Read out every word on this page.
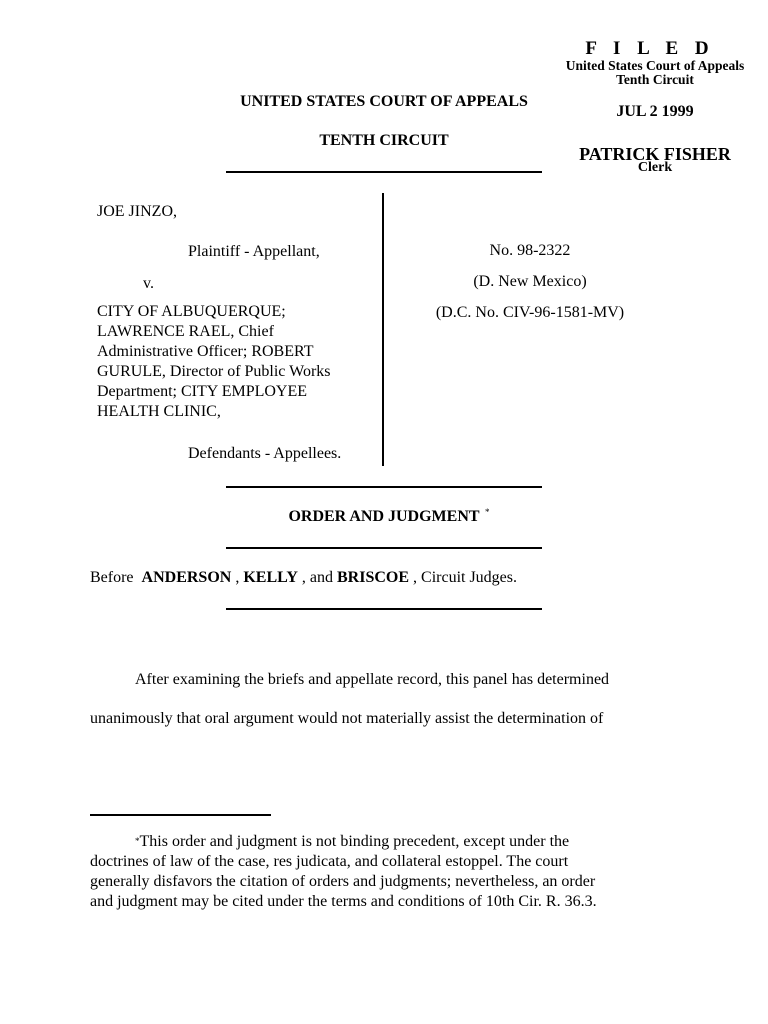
F I L E D
United States Court of Appeals
Tenth Circuit
JUL 2 1999
PATRICK FISHER
Clerk
UNITED STATES COURT OF APPEALS
TENTH CIRCUIT
JOE JINZO,
Plaintiff - Appellant,
v.
CITY OF ALBUQUERQUE;
LAWRENCE RAEL, Chief
Administrative Officer; ROBERT
GURULE, Director of Public Works
Department; CITY EMPLOYEE
HEALTH CLINIC,
Defendants - Appellees.
No. 98-2322
(D. New Mexico)
(D.C. No. CIV-96-1581-MV)
ORDER AND JUDGMENT *
Before ANDERSON , KELLY , and BRISCOE , Circuit Judges.
After examining the briefs and appellate record, this panel has determined
unanimously that oral argument would not materially assist the determination of
*This order and judgment is not binding precedent, except under the
doctrines of law of the case, res judicata, and collateral estoppel. The court
generally disfavors the citation of orders and judgments; nevertheless, an order
and judgment may be cited under the terms and conditions of 10th Cir. R. 36.3.
